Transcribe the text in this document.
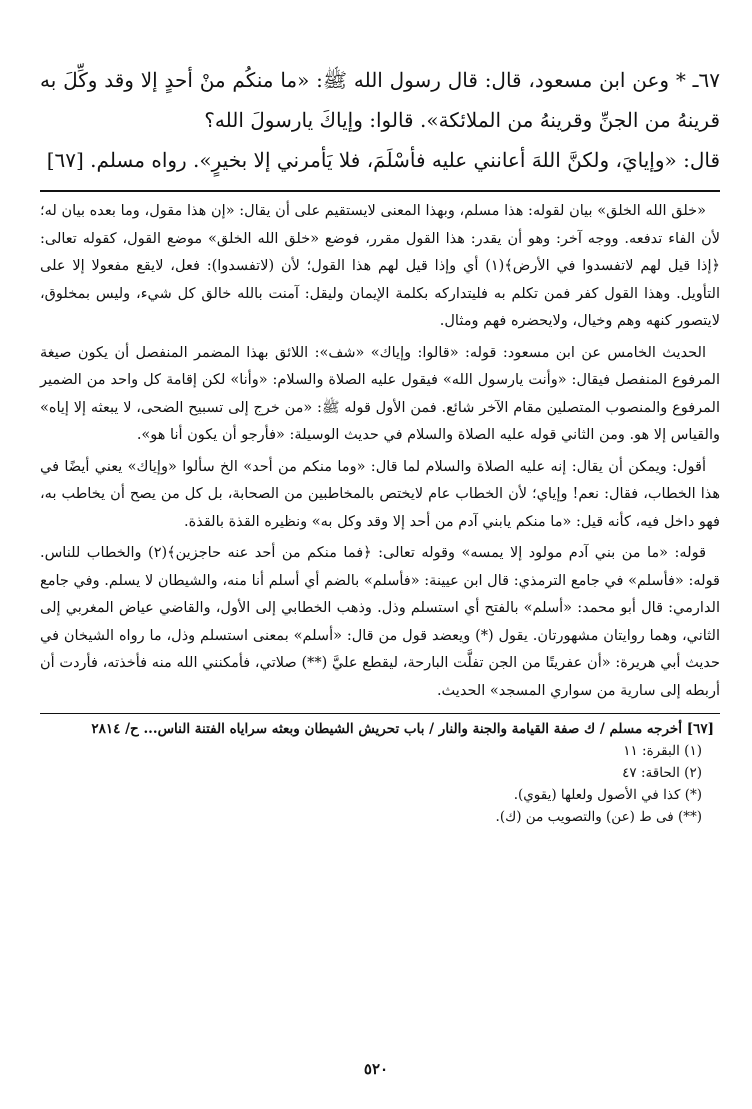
٦٧ـ * وعن ابن مسعود، قال: قال رسول الله ﷺ: «ما منكُم منْ أحدٍ إلا وقد وكِّلَ به قرينهُ من الجنِّ وقرينهُ من الملائكة». قالوا: وإياكَ يارسولَ الله؟

قال: «وإيايَ، ولكنَّ اللهَ أعانني عليه فأسْلَمَ، فلا يَأمرني إلا بخيرٍ». رواه مسلم. [٦٧]

«خلق الله الخلق» بيان لقوله: هذا مسلم، وبهذا المعنى لايستقيم على أن يقال: «إن هذا مقول، وما بعده بيان له؛ لأن الفاء تدفعه. ووجه آخر: وهو أن يقدر: هذا القول مقرر، فوضع «خلق الله الخلق» موضع القول، كقوله تعالى: ﴿إذا قيل لهم لاتفسدوا في الأرض﴾(١) أي وإذا قيل لهم هذا القول؛ لأن (لاتفسدوا): فعل، لايقع مفعولا إلا على التأويل. وهذا القول كفر فمن تكلم به فليتداركه بكلمة الإيمان وليقل: آمنت بالله خالق كل شيء، وليس بمخلوق، لايتصور كنهه وهم وخيال، ولايحضره فهم ومثال.

الحديث الخامس عن ابن مسعود: قوله: «قالوا: وإياك» «شف»: اللائق بهذا المضمر المنفصل أن يكون صيغة المرفوع المنفصل فيقال: «وأنت يارسول الله» فيقول عليه الصلاة والسلام: «وأنا» لكن إقامة كل واحد من الضمير المرفوع والمنصوب المتصلين مقام الآخر شائع. فمن الأول قوله ﷺ: «من خرج إلى تسبيح الضحى، لا يبعثه إلا إياه» والقياس إلا هو. ومن الثاني قوله عليه الصلاة والسلام في حديث الوسيلة: «فأرجو أن يكون أنا هو».

أقول: ويمكن أن يقال: إنه عليه الصلاة والسلام لما قال: «وما منكم من أحد» الخ سألوا «وإياك» يعني أيضًا في هذا الخطاب، فقال: نعم! وإياي؛ لأن الخطاب عام لايختص بالمخاطبين من الصحابة، بل كل من يصح أن يخاطب به، فهو داخل فيه، كأنه قيل: «ما منكم يابني آدم من أحد إلا وقد وكل به» ونظيره القذة بالقذة.

قوله: «ما من بني آدم مولود إلا يمسه» وقوله تعالى: ﴿فما منكم من أحد عنه حاجزين﴾(٢) والخطاب للناس. قوله: «فأسلم» في جامع الترمذي: قال ابن عيينة: «فأسلم» بالضم أي أسلم أنا منه، والشيطان لا يسلم. وفي جامع الدارمي: قال أبو محمد: «أسلم» بالفتح أي استسلم وذل. وذهب الخطابي إلى الأول، والقاضي عياض المغربي إلى الثاني، وهما روايتان مشهورتان. يقول (*) ويعضد قول من قال: «أسلم» بمعنى استسلم وذل، ما رواه الشيخان في حديث أبي هريرة: «أن عفريتًا من الجن تفلَّت البارحة، ليقطع عليَّ (**) صلاتي، فأمكنني الله منه فأخذته، فأردت أن أربطه إلى سارية من سواري المسجد» الحديث.

[٦٧] أخرجه مسلم / ك صفة القيامة والجنة والنار / باب تحريش الشيطان وبعثه سراياه الفتنة الناس... ح/ ٢٨١٤

(١) البقرة: ١١

(٢) الحاقة: ٤٧

(*) كذا في الأصول ولعلها (يقوي).

(**) فى ط (عن) والتصويب من (ك).

٥٢٠
